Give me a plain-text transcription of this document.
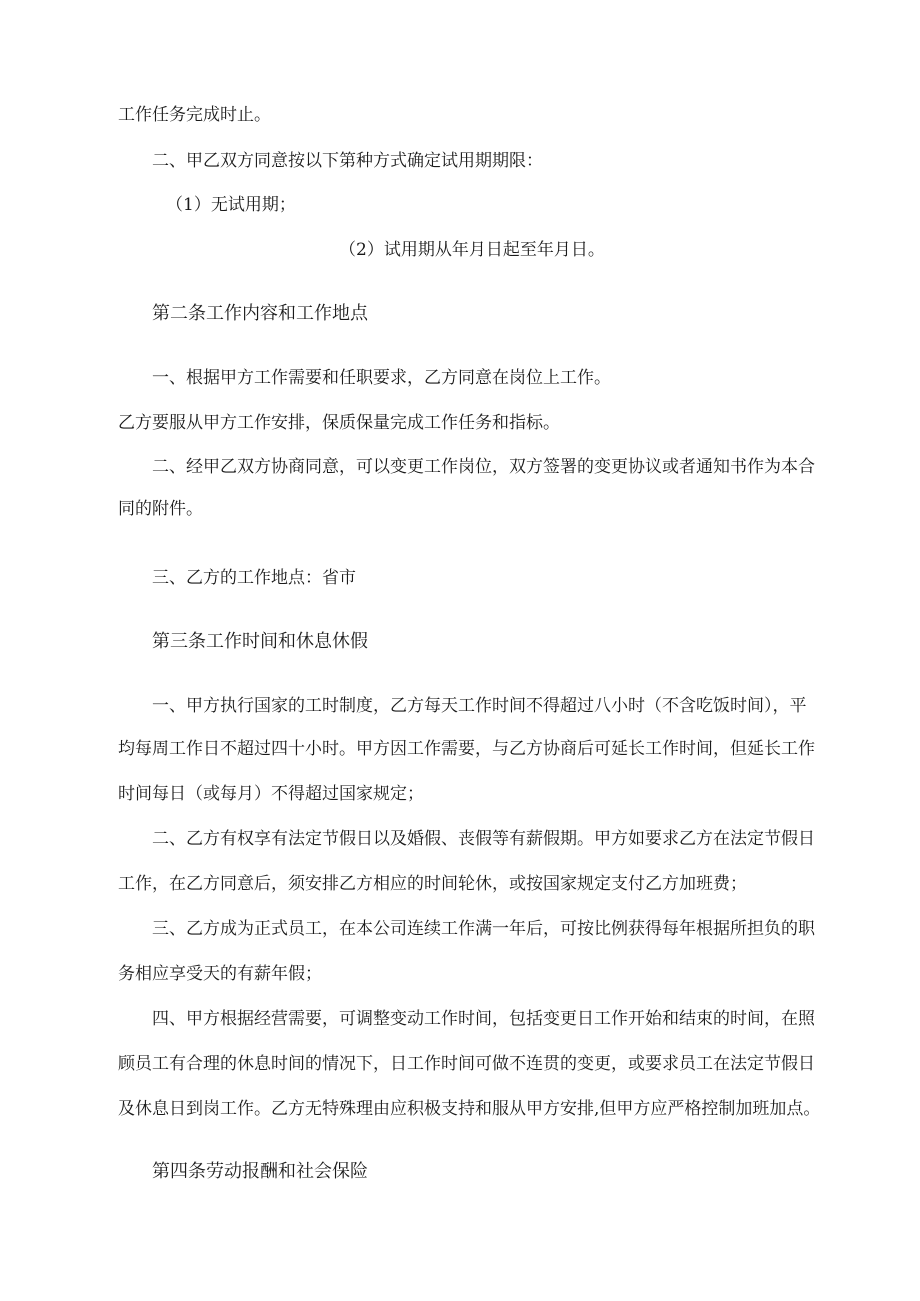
工作任务完成时止。
二、甲乙双方同意按以下第种方式确定试用期期限：
（1）无试用期；
（2）试用期从年月日起至年月日。
第二条工作内容和工作地点
一、根据甲方工作需要和任职要求，乙方同意在岗位上工作。
乙方要服从甲方工作安排，保质保量完成工作任务和指标。
二、经甲乙双方协商同意，可以变更工作岗位，双方签署的变更协议或者通知书作为本合
同的附件。
三、乙方的工作地点：省市
第三条工作时间和休息休假
一、甲方执行国家的工时制度，乙方每天工作时间不得超过八小时（不含吃饭时间），平
均每周工作日不超过四十小时。甲方因工作需要，与乙方协商后可延长工作时间，但延长工作
时间每日（或每月）不得超过国家规定；
二、乙方有权享有法定节假日以及婚假、丧假等有薪假期。甲方如要求乙方在法定节假日
工作，在乙方同意后，须安排乙方相应的时间轮休，或按国家规定支付乙方加班费；
三、乙方成为正式员工，在本公司连续工作满一年后，可按比例获得每年根据所担负的职
务相应享受天的有薪年假；
四、甲方根据经营需要，可调整变动工作时间，包括变更日工作开始和结束的时间，在照
顾员工有合理的休息时间的情况下，日工作时间可做不连贯的变更，或要求员工在法定节假日
及休息日到岗工作。乙方无特殊理由应积极支持和服从甲方安排,但甲方应严格控制加班加点。
第四条劳动报酬和社会保险
